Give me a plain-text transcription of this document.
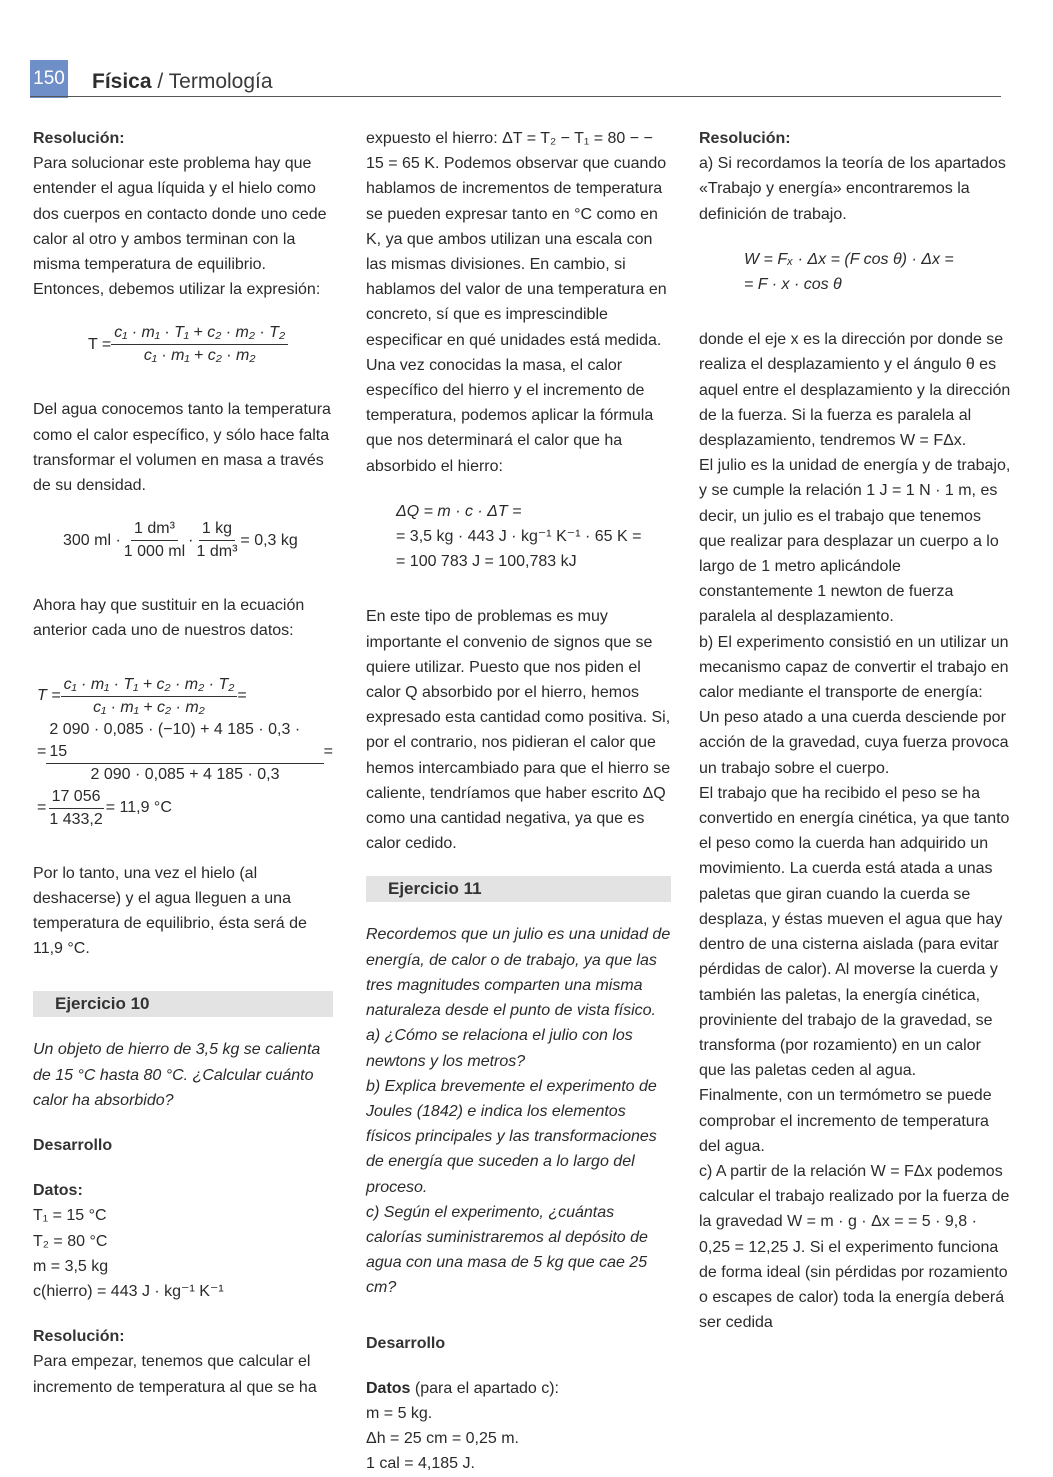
150 Física / Termología

Resolución:

Para solucionar este problema hay que entender el agua líquida y el hielo como dos cuerpos en contacto donde uno cede calor al otro y ambos terminan con la misma temperatura de equilibrio. Entonces, debemos utilizar la expresión:

$T = \frac{\text{c₁ · m₁ · T₁ + c₂ · m₂ · T₂}}{\text{c₁ · m₁ + c₂ · m₂}}$

Del agua conocemos tanto la temperatura como el calor específico, y sólo hace falta transformar el volumen en masa a través de su densidad.

300 ml · $\frac{\text{1 dm³}}{1 000 ml} \cdot \frac{1 kg}{\text{1 dm³}} = 0,3$ kg

Ahora hay que sustituir en la ecuación anterior cada uno de nuestros datos:

$T = \frac{\text{c₁ · m₁ · T₁ + c₂ · m₂ · T₂}}{\text{c₁ · m₁ + c₂ · m₂}}$ =
= $\frac{2 090 \cdot 0,085 \cdot (-10) + 4 185 \cdot 0,3 \cdot 15}{2 090 \cdot 0,085 + 4 185 \cdot 0,3}$ =
= $\frac{17 056}{1 433,2} = 11,9$ °C

Por lo tanto, una vez el hielo (al deshacerse) y el agua lleguen a una temperatura de equilibrio, ésta será de 11,9 °C.

Ejercicio 10

Un objeto de hierro de 3,5 kg se calienta de 15 °C hasta 80 °C. ¿Calcular cuánto calor ha absorbido?

Desarrollo

Datos:

T₁ = 15 °C

T₂ = 80 °C

m = 3,5 kg

c(hierro) = 443 J · kg⁻¹ K⁻¹

Resolución:

Para empezar, tenemos que calcular el incremento de temperatura al que se ha

expuesto el hierro: ΔT = T₂ − T₁ = 80 − − 15 = 65 K. Podemos observar que cuando hablamos de incrementos de temperatura se pueden expresar tanto en °C como en K, ya que ambos utilizan una escala con las mismas divisiones. En cambio, si hablamos del valor de una temperatura en concreto, sí que es imprescindible especificar en qué unidades está medida. Una vez conocidas la masa, el calor específico del hierro y el incremento de temperatura, podemos aplicar la fórmula que nos determinará el calor que ha absorbido el hierro:

ΔQ = m · c · ΔT =

= 3,5 kg · 443 J · kg⁻¹ K⁻¹ · 65 K =

= 100 783 J = 100,783 kJ

En este tipo de problemas es muy importante el convenio de signos que se quiere utilizar. Puesto que nos piden el calor Q absorbido por el hierro, hemos expresado esta cantidad como positiva. Si, por el contrario, nos pidieran el calor que hemos intercambiado para que el hierro se caliente, tendríamos que haber escrito ΔQ como una cantidad negativa, ya que es calor cedido.

Ejercicio 11

Recordemos que un julio es una unidad de energía, de calor o de trabajo, ya que las tres magnitudes comparten una misma naturaleza desde el punto de vista físico.

a) ¿Cómo se relaciona el julio con los newtons y los metros?

b) Explica brevemente el experimento de Joules (1842) e indica los elementos físicos principales y las transformaciones de energía que suceden a lo largo del proceso.

c) Según el experimento, ¿cuántas calorías suministraremos al depósito de agua con una masa de 5 kg que cae 25 cm?

Desarrollo

Datos (para el apartado c):

m = 5 kg.

Δh = 25 cm = 0,25 m.

1 cal = 4,185 J.

Resolución:

a) Si recordamos la teoría de los apartados «Trabajo y energía» encontraremos la definición de trabajo.

W = Fₓ · Δx = (F cos θ) · Δx =

= F · x · cos θ

donde el eje x es la dirección por donde se realiza el desplazamiento y el ángulo θ es aquel entre el desplazamiento y la dirección de la fuerza. Si la fuerza es paralela al desplazamiento, tendremos W = FΔx.

El julio es la unidad de energía y de trabajo, y se cumple la relación 1 J = 1 N · 1 m, es decir, un julio es el trabajo que tenemos que realizar para desplazar un cuerpo a lo largo de 1 metro aplicándole constantemente 1 newton de fuerza paralela al desplazamiento.

b) El experimento consistió en un utilizar un mecanismo capaz de convertir el trabajo en calor mediante el transporte de energía:

Un peso atado a una cuerda desciende por acción de la gravedad, cuya fuerza provoca un trabajo sobre el cuerpo.

El trabajo que ha recibido el peso se ha convertido en energía cinética, ya que tanto el peso como la cuerda han adquirido un movimiento. La cuerda está atada a unas paletas que giran cuando la cuerda se desplaza, y éstas mueven el agua que hay dentro de una cisterna aislada (para evitar pérdidas de calor). Al moverse la cuerda y también las paletas, la energía cinética, proviniente del trabajo de la gravedad, se transforma (por rozamiento) en un calor que las paletas ceden al agua.

Finalmente, con un termómetro se puede comprobar el incremento de temperatura del agua.

c) A partir de la relación W = FΔx podemos calcular el trabajo realizado por la fuerza de la gravedad W = m · g · Δx = = 5 · 9,8 · 0,25 = 12,25 J. Si el experimento funciona de forma ideal (sin pérdidas por rozamiento o escapes de calor) toda la energía deberá ser cedida
